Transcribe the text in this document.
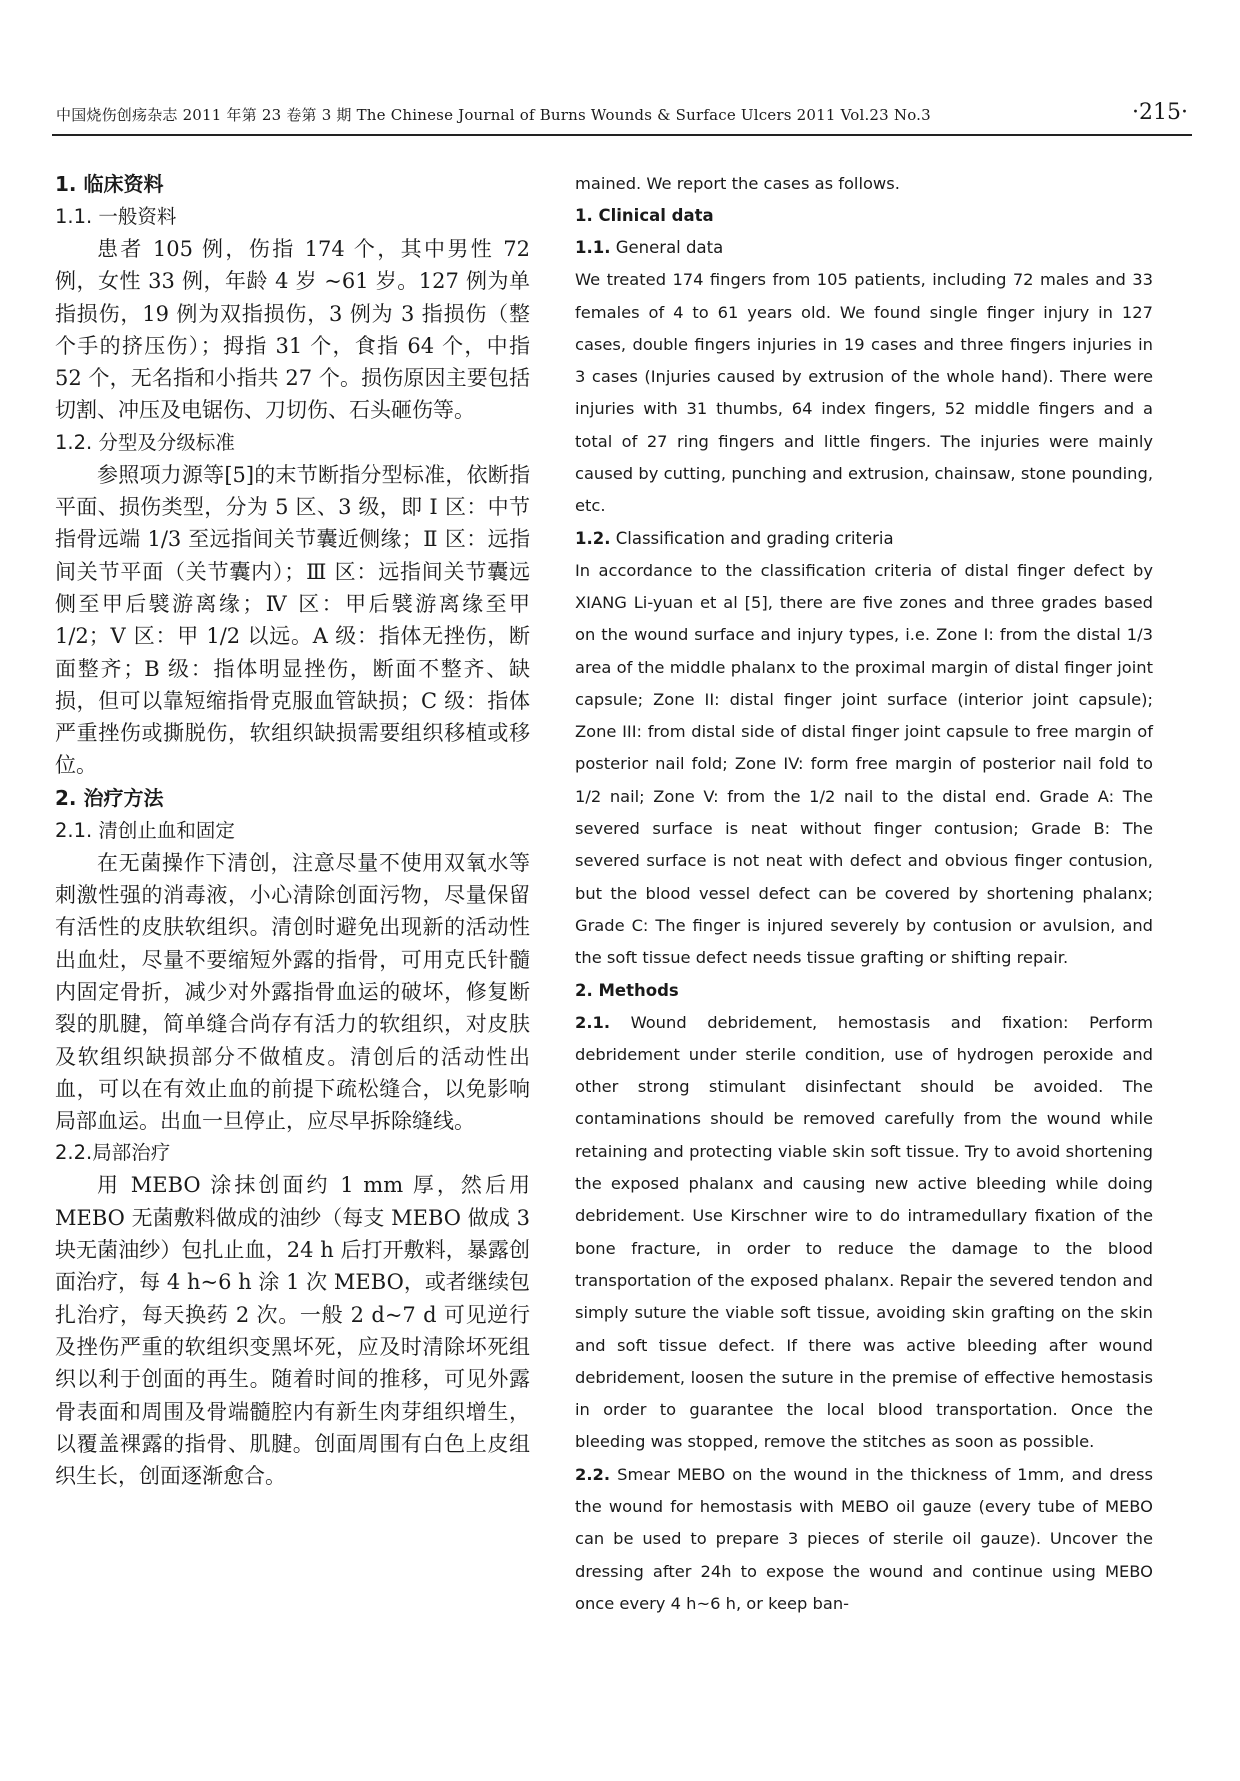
中国烧伤创疡杂志 2011 年第 23 卷第 3 期 The Chinese Journal of Burns Wounds & Surface Ulcers 2011 Vol.23 No.3	·215·
1. 临床资料
1.1. 一般资料

患者 105 例，伤指 174 个，其中男性 72 例，女性 33 例，年龄 4 岁 ~61 岁。127 例为单指损伤，19 例为双指损伤，3 例为 3 指损伤（整个手的挤压伤）；拇指 31 个，食指 64 个，中指 52 个，无名指和小指共 27 个。损伤原因主要包括切割、冲压及电锯伤、刀切伤、石头砸伤等。

1.2. 分型及分级标准

参照项力源等[5]的末节断指分型标准，依断指平面、损伤类型，分为 5 区、3 级，即 Ⅰ 区：中节指骨远端 1/3 至远指间关节囊近侧缘；Ⅱ 区：远指间关节平面（关节囊内）；Ⅲ 区：远指间关节囊远侧至甲后襞游离缘；Ⅳ 区：甲后襞游离缘至甲 1/2；Ⅴ 区：甲 1/2 以远。A 级：指体无挫伤，断面整齐；B 级：指体明显挫伤，断面不整齐、缺损，但可以靠短缩指骨克服血管缺损；C 级：指体严重挫伤或撕脱伤，软组织缺损需要组织移植或移位。

2. 治疗方法
2.1. 清创止血和固定

在无菌操作下清创，注意尽量不使用双氧水等刺激性强的消毒液，小心清除创面污物，尽量保留有活性的皮肤软组织。清创时避免出现新的活动性出血灶，尽量不要缩短外露的指骨，可用克氏针髓内固定骨折，减少对外露指骨血运的破坏，修复断裂的肌腱，简单缝合尚存有活力的软组织，对皮肤及软组织缺损部分不做植皮。清创后的活动性出血，可以在有效止血的前提下疏松缝合，以免影响局部血运。出血一旦停止，应尽早拆除缝线。

2.2.局部治疗

用 MEBO 涂抹创面约 1 mm 厚，然后用 MEBO 无菌敷料做成的油纱（每支 MEBO 做成 3 块无菌油纱）包扎止血，24 h 后打开敷料，暴露创面治疗，每 4 h~6 h 涂 1 次 MEBO，或者继续包扎治疗，每天换药 2 次。一般 2 d~7 d 可见逆行及挫伤严重的软组织变黑坏死，应及时清除坏死组织以利于创面的再生。随着时间的推移，可见外露骨表面和周围及骨端髓腔内有新生肉芽组织增生，以覆盖裸露的指骨、肌腱。创面周围有白色上皮组织生长，创面逐渐愈合。

mained. We report the cases as follows.

1. Clinical data
1.1. General data

We treated 174 fingers from 105 patients, including 72 males and 33 females of 4 to 61 years old. We found single finger injury in 127 cases, double fingers injuries in 19 cases and three fingers injuries in 3 cases (Injuries caused by extrusion of the whole hand). There were injuries with 31 thumbs, 64 index fingers, 52 middle fingers and a total of 27 ring fingers and little fingers. The injuries were mainly caused by cutting, punching and extrusion, chainsaw, stone pounding, etc.

1.2. Classification and grading criteria

In accordance to the classification criteria of distal finger defect by XIANG Li-yuan et al [5], there are five zones and three grades based on the wound surface and injury types, i.e. Zone I: from the distal 1/3 area of the middle phalanx to the proximal margin of distal finger joint capsule; Zone II: distal finger joint surface (interior joint capsule); Zone III: from distal side of distal finger joint capsule to free margin of posterior nail fold; Zone IV: form free margin of posterior nail fold to 1/2 nail; Zone V: from the 1/2 nail to the distal end. Grade A: The severed surface is neat without finger contusion; Grade B: The severed surface is not neat with defect and obvious finger contusion, but the blood vessel defect can be covered by shortening phalanx; Grade C: The finger is injured severely by contusion or avulsion, and the soft tissue defect needs tissue grafting or shifting repair.

2. Methods

2.1. Wound debridement, hemostasis and fixation: Perform debridement under sterile condition, use of hydrogen peroxide and other strong stimulant disinfectant should be avoided. The contaminations should be removed carefully from the wound while retaining and protecting viable skin soft tissue. Try to avoid shortening the exposed phalanx and causing new active bleeding while doing debridement. Use Kirschner wire to do intramedullary fixation of the bone fracture, in order to reduce the damage to the blood transportation of the exposed phalanx. Repair the severed tendon and simply suture the viable soft tissue, avoiding skin grafting on the skin and soft tissue defect. If there was active bleeding after wound debridement, loosen the suture in the premise of effective hemostasis in order to guarantee the local blood transportation. Once the bleeding was stopped, remove the stitches as soon as possible.

2.2. Smear MEBO on the wound in the thickness of 1mm, and dress the wound for hemostasis with MEBO oil gauze (every tube of MEBO can be used to prepare 3 pieces of sterile oil gauze). Uncover the dressing after 24h to expose the wound and continue using MEBO once every 4 h~6 h, or keep ban-
